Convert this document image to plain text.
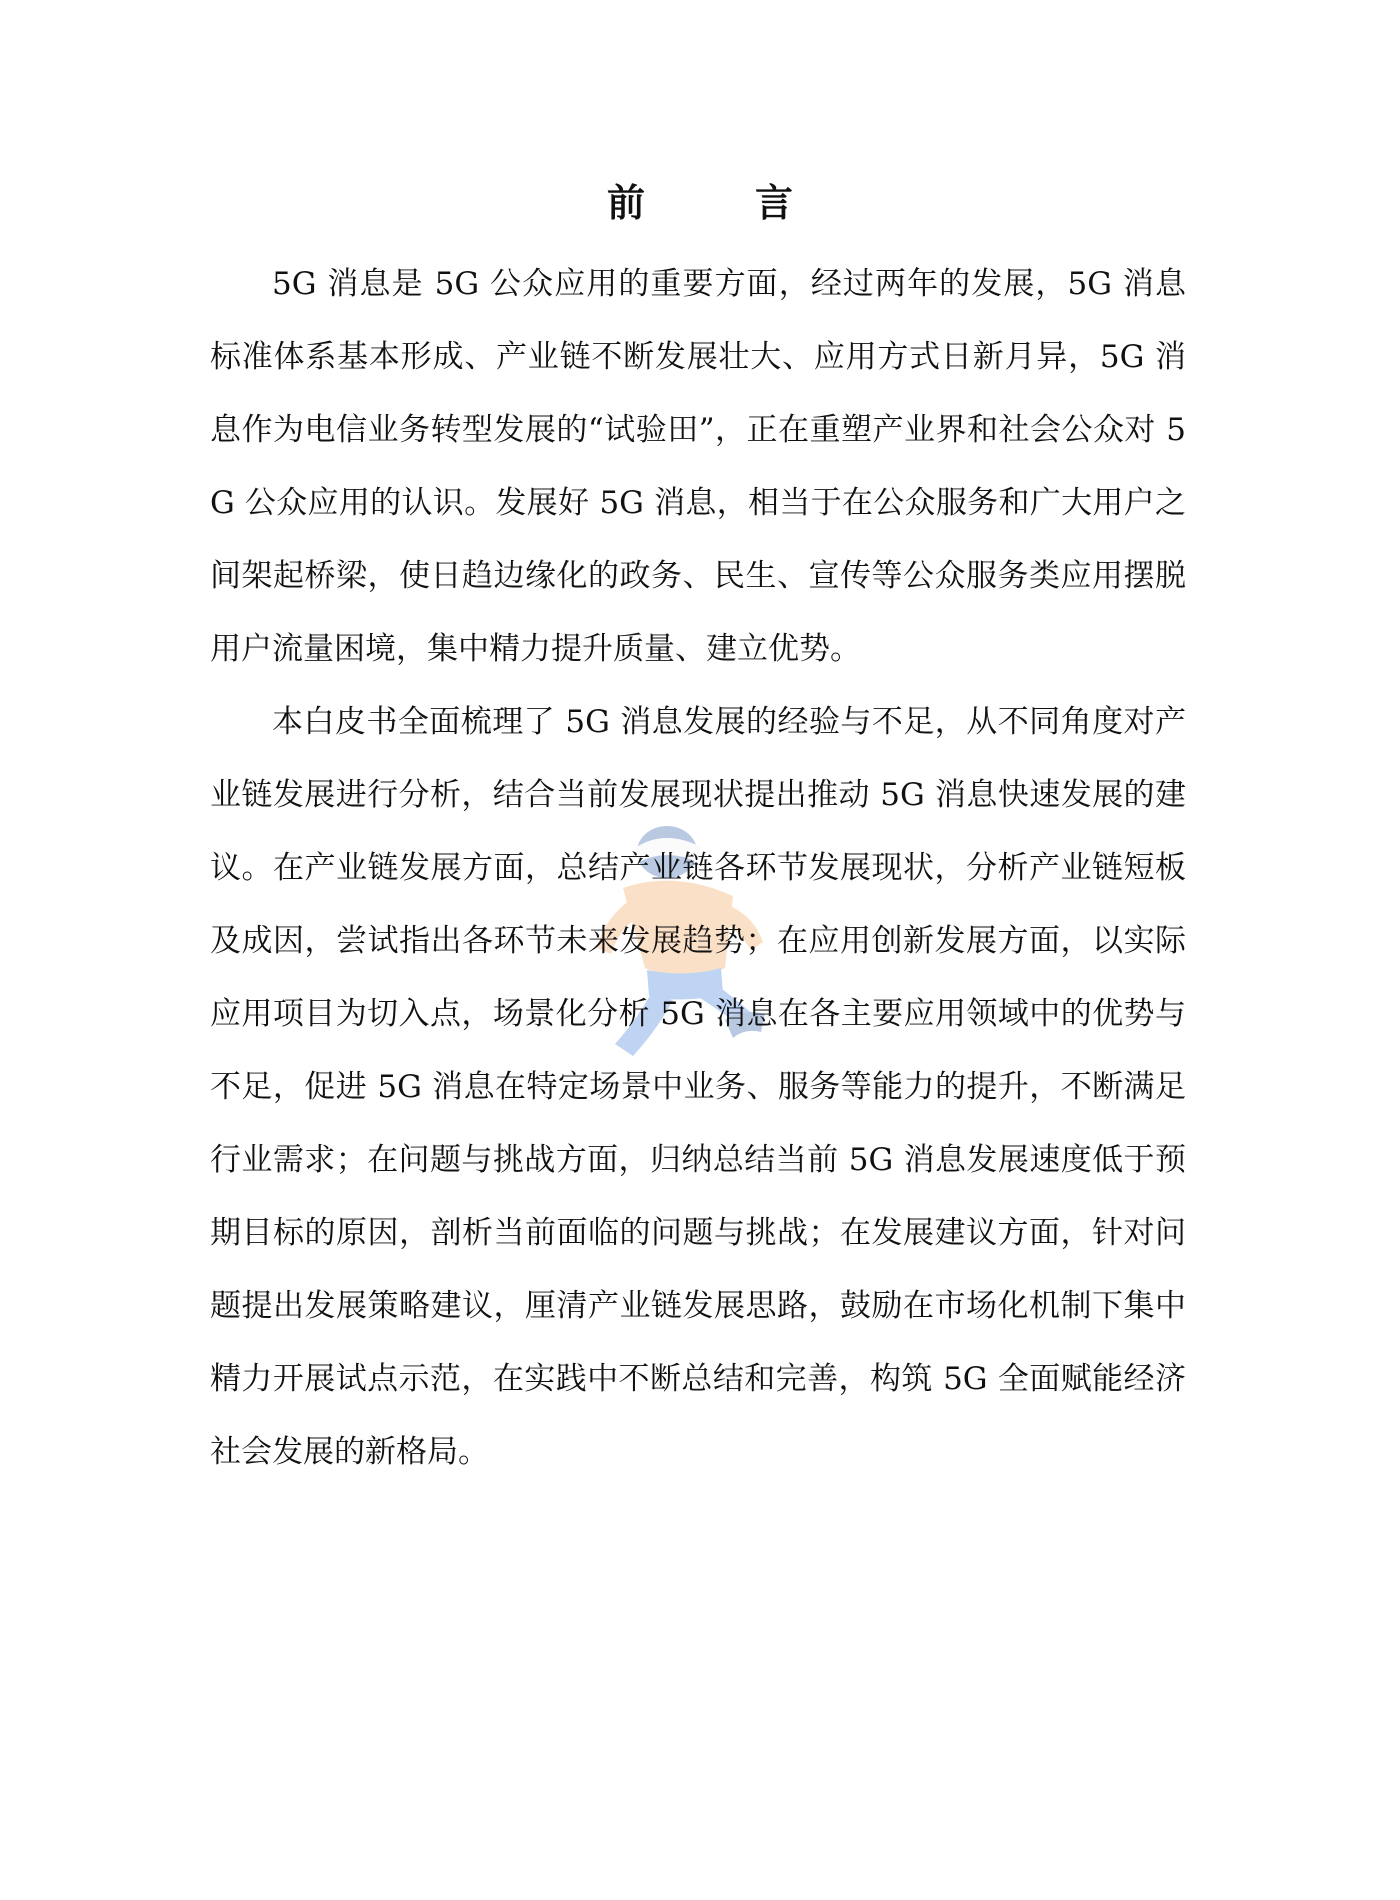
前　言

5G 消息是 5G 公众应用的重要方面，经过两年的发展，5G 消息标准体系基本形成、产业链不断发展壮大、应用方式日新月异，5G 消息作为电信业务转型发展的“试验田”，正在重塑产业界和社会公众对 5G 公众应用的认识。发展好 5G 消息，相当于在公众服务和广大用户之间架起桥梁，使日趋边缘化的政务、民生、宣传等公众服务类应用摆脱用户流量困境，集中精力提升质量、建立优势。

本白皮书全面梳理了 5G 消息发展的经验与不足，从不同角度对产业链发展进行分析，结合当前发展现状提出推动 5G 消息快速发展的建议。在产业链发展方面，总结产业链各环节发展现状，分析产业链短板及成因，尝试指出各环节未来发展趋势；在应用创新发展方面，以实际应用项目为切入点，场景化分析 5G 消息在各主要应用领域中的优势与不足，促进 5G 消息在特定场景中业务、服务等能力的提升，不断满足行业需求；在问题与挑战方面，归纳总结当前 5G 消息发展速度低于预期目标的原因，剖析当前面临的问题与挑战；在发展建议方面，针对问题提出发展策略建议，厘清产业链发展思路，鼓励在市场化机制下集中精力开展试点示范，在实践中不断总结和完善，构筑 5G 全面赋能经济社会发展的新格局。
